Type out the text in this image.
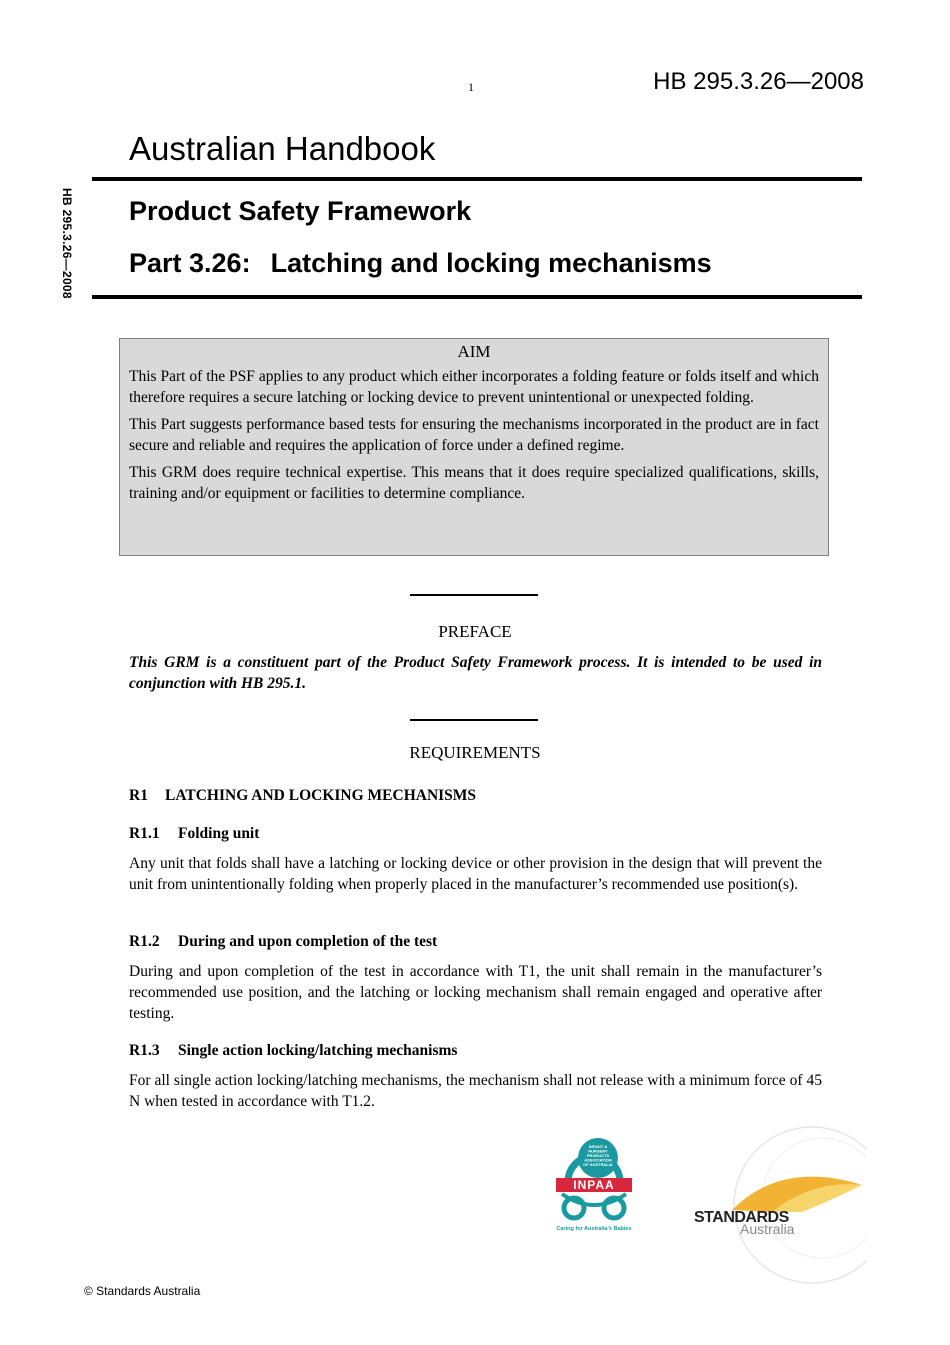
1	HB 295.3.26—2008
HB 295.3.26—2008
Australian Handbook
Product Safety Framework
Part 3.26: Latching and locking mechanisms
AIM

This Part of the PSF applies to any product which either incorporates a folding feature or folds itself and which therefore requires a secure latching or locking device to prevent unintentional or unexpected folding.

This Part suggests performance based tests for ensuring the mechanisms incorporated in the product are in fact secure and reliable and requires the application of force under a defined regime.

This GRM does require technical expertise. This means that it does require specialized qualifications, skills, training and/or equipment or facilities to determine compliance.

PREFACE
This GRM is a constituent part of the Product Safety Framework process. It is intended to be used in conjunction with HB 295.1.
REQUIREMENTS
R1 LATCHING AND LOCKING MECHANISMS
R1.1 Folding unit
Any unit that folds shall have a latching or locking device or other provision in the design that will prevent the unit from unintentionally folding when properly placed in the manufacturer’s recommended use position(s).
R1.2 During and upon completion of the test
During and upon completion of the test in accordance with T1, the unit shall remain in the manufacturer’s recommended use position, and the latching or locking mechanism shall remain engaged and operative after testing.
R1.3 Single action locking/latching mechanisms
For all single action locking/latching mechanisms, the mechanism shall not release with a minimum force of 45 N when tested in accordance with T1.2.
INFANT & NURSERY PRODUCTS ASSOCIATION OF AUSTRALIA
INPAA
Caring for Australia's Babies
STANDARDS
Australia
© Standards Australia
